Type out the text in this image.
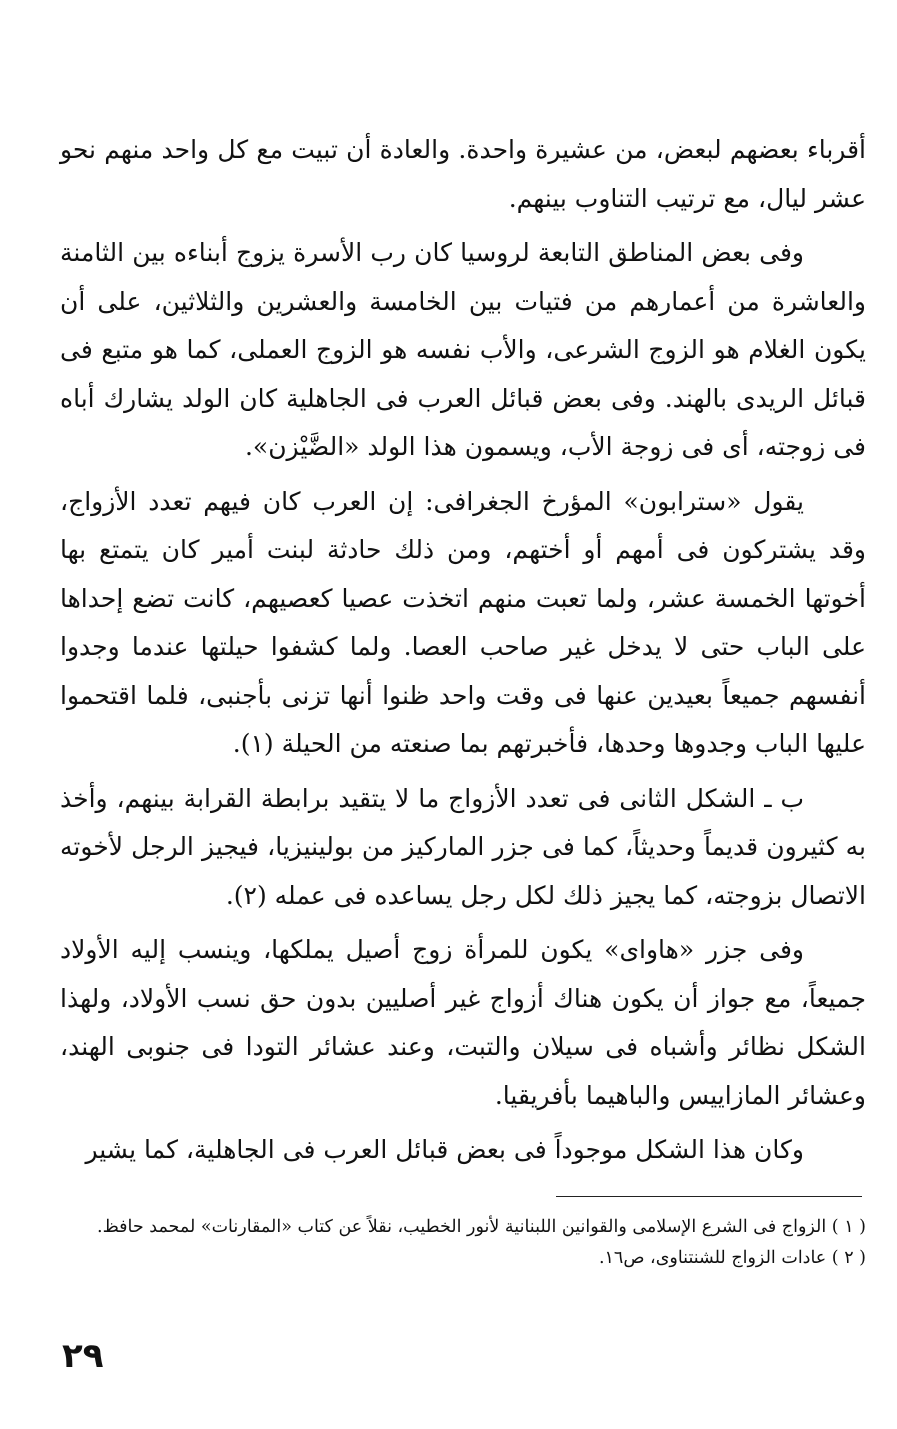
أقرباء بعضهم لبعض، من عشيرة واحدة. والعادة أن تبيت مع كل واحد منهم نحو عشر ليال، مع ترتيب التناوب بينهم.

وفى بعض المناطق التابعة لروسيا كان رب الأسرة يزوج أبناءه بين الثامنة والعاشرة من أعمارهم من فتيات بين الخامسة والعشرين والثلاثين، على أن يكون الغلام هو الزوج الشرعى، والأب نفسه هو الزوج العملى، كما هو متبع فى قبائل الريدى بالهند. وفى بعض قبائل العرب فى الجاهلية كان الولد يشارك أباه فى زوجته، أى فى زوجة الأب، ويسمون هذا الولد «الضَّيْزن».

يقول «سترابون» المؤرخ الجغرافى: إن العرب كان فيهم تعدد الأزواج، وقد يشتركون فى أمهم أو أختهم، ومن ذلك حادثة لبنت أمير كان يتمتع بها أخوتها الخمسة عشر، ولما تعبت منهم اتخذت عصيا كعصيهم، كانت تضع إحداها على الباب حتى لا يدخل غير صاحب العصا. ولما كشفوا حيلتها عندما وجدوا أنفسهم جميعاً بعيدين عنها فى وقت واحد ظنوا أنها تزنى بأجنبى، فلما اقتحموا عليها الباب وجدوها وحدها، فأخبرتهم بما صنعته من الحيلة (١).

ب ـ الشكل الثانى فى تعدد الأزواج ما لا يتقيد برابطة القرابة بينهم، وأخذ به كثيرون قديماً وحديثاً، كما فى جزر الماركيز من بولينيزيا، فيجيز الرجل لأخوته الاتصال بزوجته، كما يجيز ذلك لكل رجل يساعده فى عمله (٢).

وفى جزر «هاواى» يكون للمرأة زوج أصيل يملكها، وينسب إليه الأولاد جميعاً، مع جواز أن يكون هناك أزواج غير أصليين بدون حق نسب الأولاد، ولهذا الشكل نظائر وأشباه فى سيلان والتبت، وعند عشائر التودا فى جنوبى الهند، وعشائر المازاييس والباهيما بأفريقيا.

وكان هذا الشكل موجوداً فى بعض قبائل العرب فى الجاهلية، كما يشير

( ١ ) الزواج فى الشرع الإسلامى والقوانين اللبنانية لأنور الخطيب، نقلاً عن كتاب «المقارنات» لمحمد حافظ.

( ٢ ) عادات الزواج للشنتناوى، ص١٦.

٢٩
